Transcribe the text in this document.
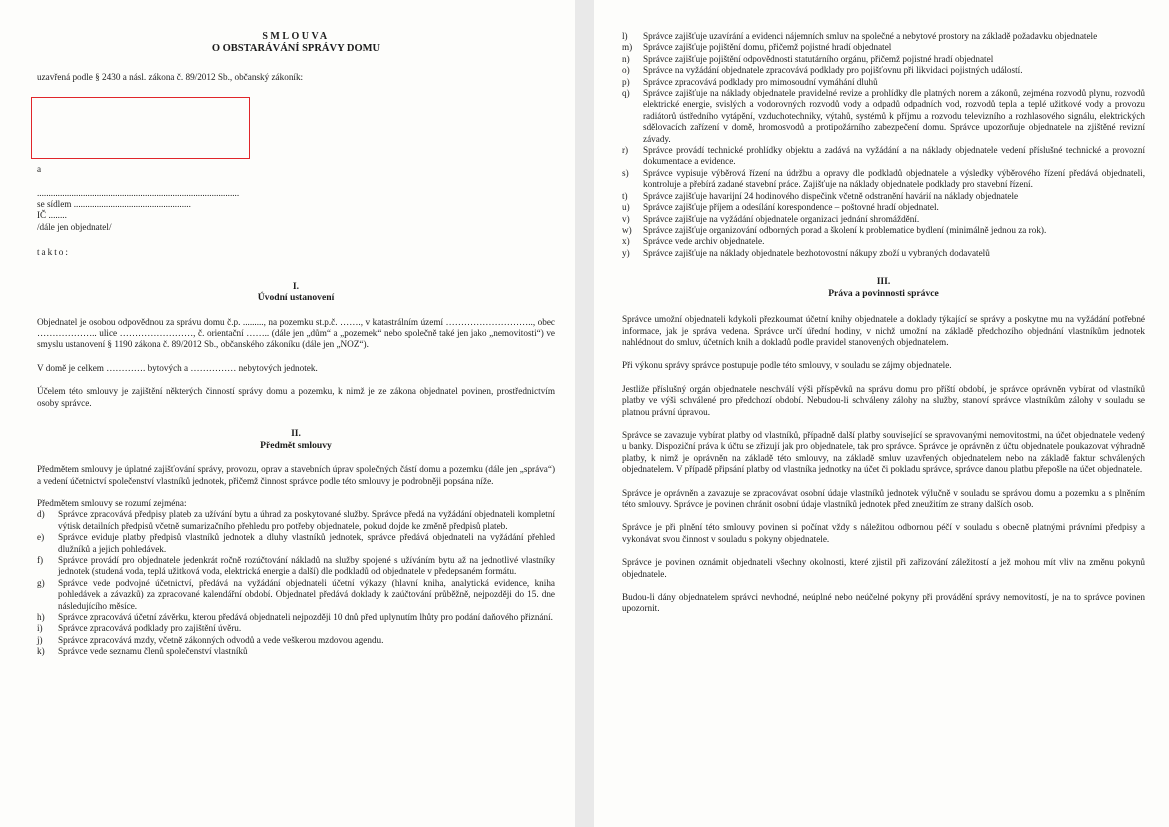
SMLOUVA

O OBSTARÁVÁNÍ SPRÁVY DOMU

uzavřená podle § 2430 a násl. zákona č. 89/2012 Sb., občanský zákoník:

a

........................................................................................

se sídlem ...................................................

IČ ........

/dále jen objednatel/

takto:

I.

Úvodní ustanovení

Objednatel je osobou odpovědnou za správu domu č.p. ........., na pozemku st.p.č. ……., v katastrálním území ……………………….., obec ……………….. ulice ……………………, č. orientační …….. (dále jen „dům“ a „pozemek“ nebo společně také jen jako „nemovitosti“) ve smyslu ustanovení § 1190 zákona č. 89/2012 Sb., občanského zákoníku (dále jen „NOZ“).

V domě je celkem …………. bytových a …………… nebytových jednotek.

Účelem této smlouvy je zajištění některých činností správy domu a pozemku, k nimž je ze zákona objednatel povinen, prostřednictvím osoby správce.

II.

Předmět smlouvy

Předmětem smlouvy je úplatné zajišťování správy, provozu, oprav a stavebních úprav společných částí domu a pozemku (dále jen „správa“) a vedení účetnictví společenství vlastníků jednotek, přičemž činnost správce podle této smlouvy je podrobněji popsána níže.

Předmětem smlouvy se rozumí zejména:

d)	Správce zpracovává předpisy plateb za užívání bytu a úhrad za poskytované služby. Správce předá na vyžádání objednateli kompletní výtisk detailních předpisů včetně sumarizačního přehledu pro potřeby objednatele, pokud dojde ke změně předpisů plateb.
e)	Správce eviduje platby předpisů vlastníků jednotek a dluhy vlastníků jednotek, správce předává objednateli na vyžádání přehled dlužníků a jejich pohledávek.
f)	Správce provádí pro objednatele jedenkrát ročně rozúčtování nákladů na služby spojené s užíváním bytu až na jednotlivé vlastníky jednotek (studená voda, teplá užitková voda, elektrická energie a další) dle podkladů od objednatele v předepsaném formátu.
g)	Správce vede podvojné účetnictví, předává na vyžádání objednateli účetní výkazy (hlavní kniha, analytická evidence, kniha pohledávek a závazků) za zpracované kalendářní období. Objednatel předává doklady k zaúčtování průběžně, nejpozději do 15. dne následujícího měsíce.
h)	Správce zpracovává účetní závěrku, kterou předává objednateli nejpozději 10 dnů před uplynutím lhůty pro podání daňového přiznání.
i)	Správce zpracovává podklady pro zajištění úvěru.
j)	Správce zpracovává mzdy, včetně zákonných odvodů a vede veškerou mzdovou agendu.
k)	Správce vede seznamu členů společenství vlastníků
l)	Správce zajišťuje uzavírání a evidenci nájemních smluv na společné a nebytové prostory na základě požadavku objednatele
m)	Správce zajišťuje pojištění domu, přičemž pojistné hradí objednatel
n)	Správce zajišťuje pojištění odpovědnosti statutárního orgánu, přičemž pojistné hradí objednatel
o)	Správce na vyžádání objednatele zpracovává podklady pro pojišťovnu při likvidaci pojistných událostí.
p)	Správce zpracovává podklady pro mimosoudní vymáhání dluhů
q)	Správce zajišťuje na náklady objednatele pravidelné revize a prohlídky dle platných norem a zákonů, zejména rozvodů plynu, rozvodů elektrické energie, svislých a vodorovných rozvodů vody a odpadů odpadních vod, rozvodů tepla a teplé užitkové vody a provozu radiátorů ústředního vytápění, vzduchotechniky, výtahů, systémů k příjmu a rozvodu televizního a rozhlasového signálu, elektrických sdělovacích zařízení v domě, hromosvodů a protipožárního zabezpečení domu. Správce upozorňuje objednatele na zjištěné revizní závady.
r)	Správce provádí technické prohlídky objektu a zadává na vyžádání a na náklady objednatele vedení příslušné technické a provozní dokumentace a evidence.
s)	Správce vypisuje výběrová řízení na údržbu a opravy dle podkladů objednatele a výsledky výběrového řízení předává objednateli, kontroluje a přebírá zadané stavební práce. Zajišťuje na náklady objednatele podklady pro stavební řízení.
t)	Správce zajišťuje havarijní 24 hodinového dispečink včetně odstranění havárií na náklady objednatele
u)	Správce zajišťuje příjem a odesílání korespondence – poštovné hradí objednatel.
v)	Správce zajišťuje na vyžádání objednatele organizaci jednání shromáždění.
w)	Správce zajišťuje organizování odborných porad a školení k problematice bydlení (minimálně jednou za rok).
x)	Správce vede archiv objednatele.
y)	Správce zajišťuje na náklady objednatele bezhotovostní nákupy zboží u vybraných dodavatelů

III.

Práva a povinnosti správce

Správce umožní objednateli kdykoli přezkoumat účetní knihy objednatele a doklady týkající se správy a poskytne mu na vyžádání potřebné informace, jak je správa vedena. Správce určí úřední hodiny, v nichž umožní na základě předchozího objednání vlastníkům jednotek nahlédnout do smluv, účetních knih a dokladů podle pravidel stanovených objednatelem.

Při výkonu správy správce postupuje podle této smlouvy, v souladu se zájmy objednatele.

Jestliže příslušný orgán objednatele neschválí výši příspěvků na správu domu pro příští období, je správce oprávněn vybírat od vlastníků platby ve výši schválené pro předchozí období. Nebudou-li schváleny zálohy na služby, stanoví správce vlastníkům zálohy v souladu se platnou právní úpravou.

Správce se zavazuje vybírat platby od vlastníků, případně další platby související se spravovanými nemovitostmi, na účet objednatele vedený u banky. Dispoziční práva k účtu se zřizují jak pro objednatele, tak pro správce. Správce je oprávněn z účtu objednatele poukazovat výhradně platby, k nimž je oprávněn na základě této smlouvy, na základě smluv uzavřených objednatelem nebo na základě faktur schválených objednatelem. V případě připsání platby od vlastníka jednotky na účet či pokladu správce, správce danou platbu přepošle na účet objednatele.

Správce je oprávněn a zavazuje se zpracovávat osobní údaje vlastníků jednotek výlučně v souladu se správou domu a pozemku a s plněním této smlouvy. Správce je povinen chránit osobní údaje vlastníků jednotek před zneužitím ze strany dalších osob.

Správce je při plnění této smlouvy povinen si počínat vždy s náležitou odbornou péčí v souladu s obecně platnými právními předpisy a vykonávat svou činnost v souladu s pokyny objednatele.

Správce je povinen oznámit objednateli všechny okolnosti, které zjistil při zařizování záležitostí a jež mohou mít vliv na změnu pokynů objednatele.

Budou-li dány objednatelem správci nevhodné, neúplné nebo neúčelné pokyny při provádění správy nemovitostí, je na to správce povinen upozornit.
